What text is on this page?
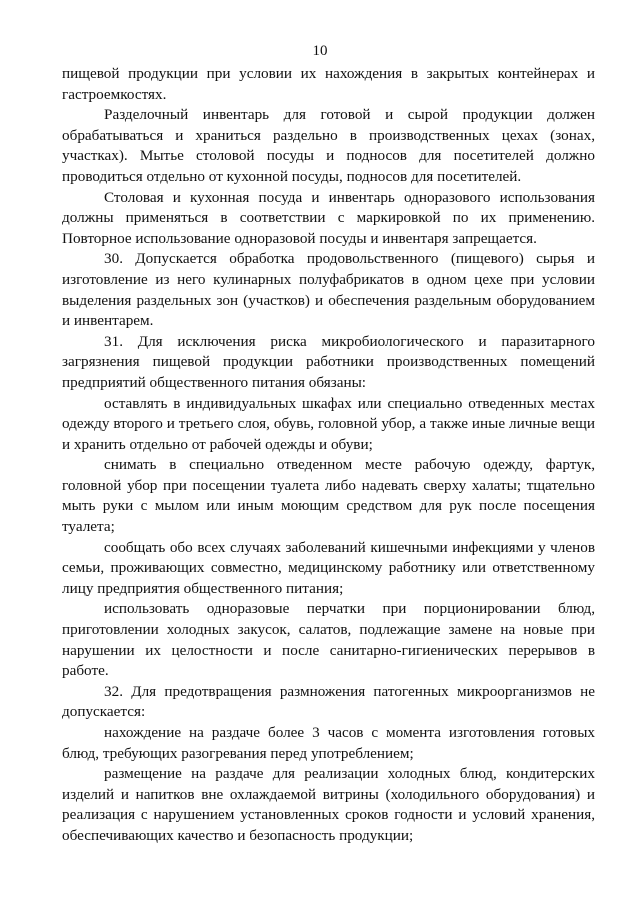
10

пищевой продукции при условии их нахождения в закрытых контейнерах и гастроемкостях.

Разделочный инвентарь для готовой и сырой продукции должен обрабатываться и храниться раздельно в производственных цехах (зонах, участках). Мытье столовой посуды и подносов для посетителей должно проводиться отдельно от кухонной посуды, подносов для посетителей.

Столовая и кухонная посуда и инвентарь одноразового использования должны применяться в соответствии с маркировкой по их применению. Повторное использование одноразовой посуды и инвентаря запрещается.

30. Допускается обработка продовольственного (пищевого) сырья и изготовление из него кулинарных полуфабрикатов в одном цехе при условии выделения раздельных зон (участков) и обеспечения раздельным оборудованием и инвентарем.

31. Для исключения риска микробиологического и паразитарного загрязнения пищевой продукции работники производственных помещений предприятий общественного питания обязаны:

оставлять в индивидуальных шкафах или специально отведенных местах одежду второго и третьего слоя, обувь, головной убор, а также иные личные вещи и хранить отдельно от рабочей одежды и обуви;

снимать в специально отведенном месте рабочую одежду, фартук, головной убор при посещении туалета либо надевать сверху халаты; тщательно мыть руки с мылом или иным моющим средством для рук после посещения туалета;

сообщать обо всех случаях заболеваний кишечными инфекциями у членов семьи, проживающих совместно, медицинскому работнику или ответственному лицу предприятия общественного питания;

использовать одноразовые перчатки при порционировании блюд, приготовлении холодных закусок, салатов, подлежащие замене на новые при нарушении их целостности и после санитарно-гигиенических перерывов в работе.

32. Для предотвращения размножения патогенных микроорганизмов не допускается:

нахождение на раздаче более 3 часов с момента изготовления готовых блюд, требующих разогревания перед употреблением;

размещение на раздаче для реализации холодных блюд, кондитерских изделий и напитков вне охлаждаемой витрины (холодильного оборудования) и реализация с нарушением установленных сроков годности и условий хранения, обеспечивающих качество и безопасность продукции;
